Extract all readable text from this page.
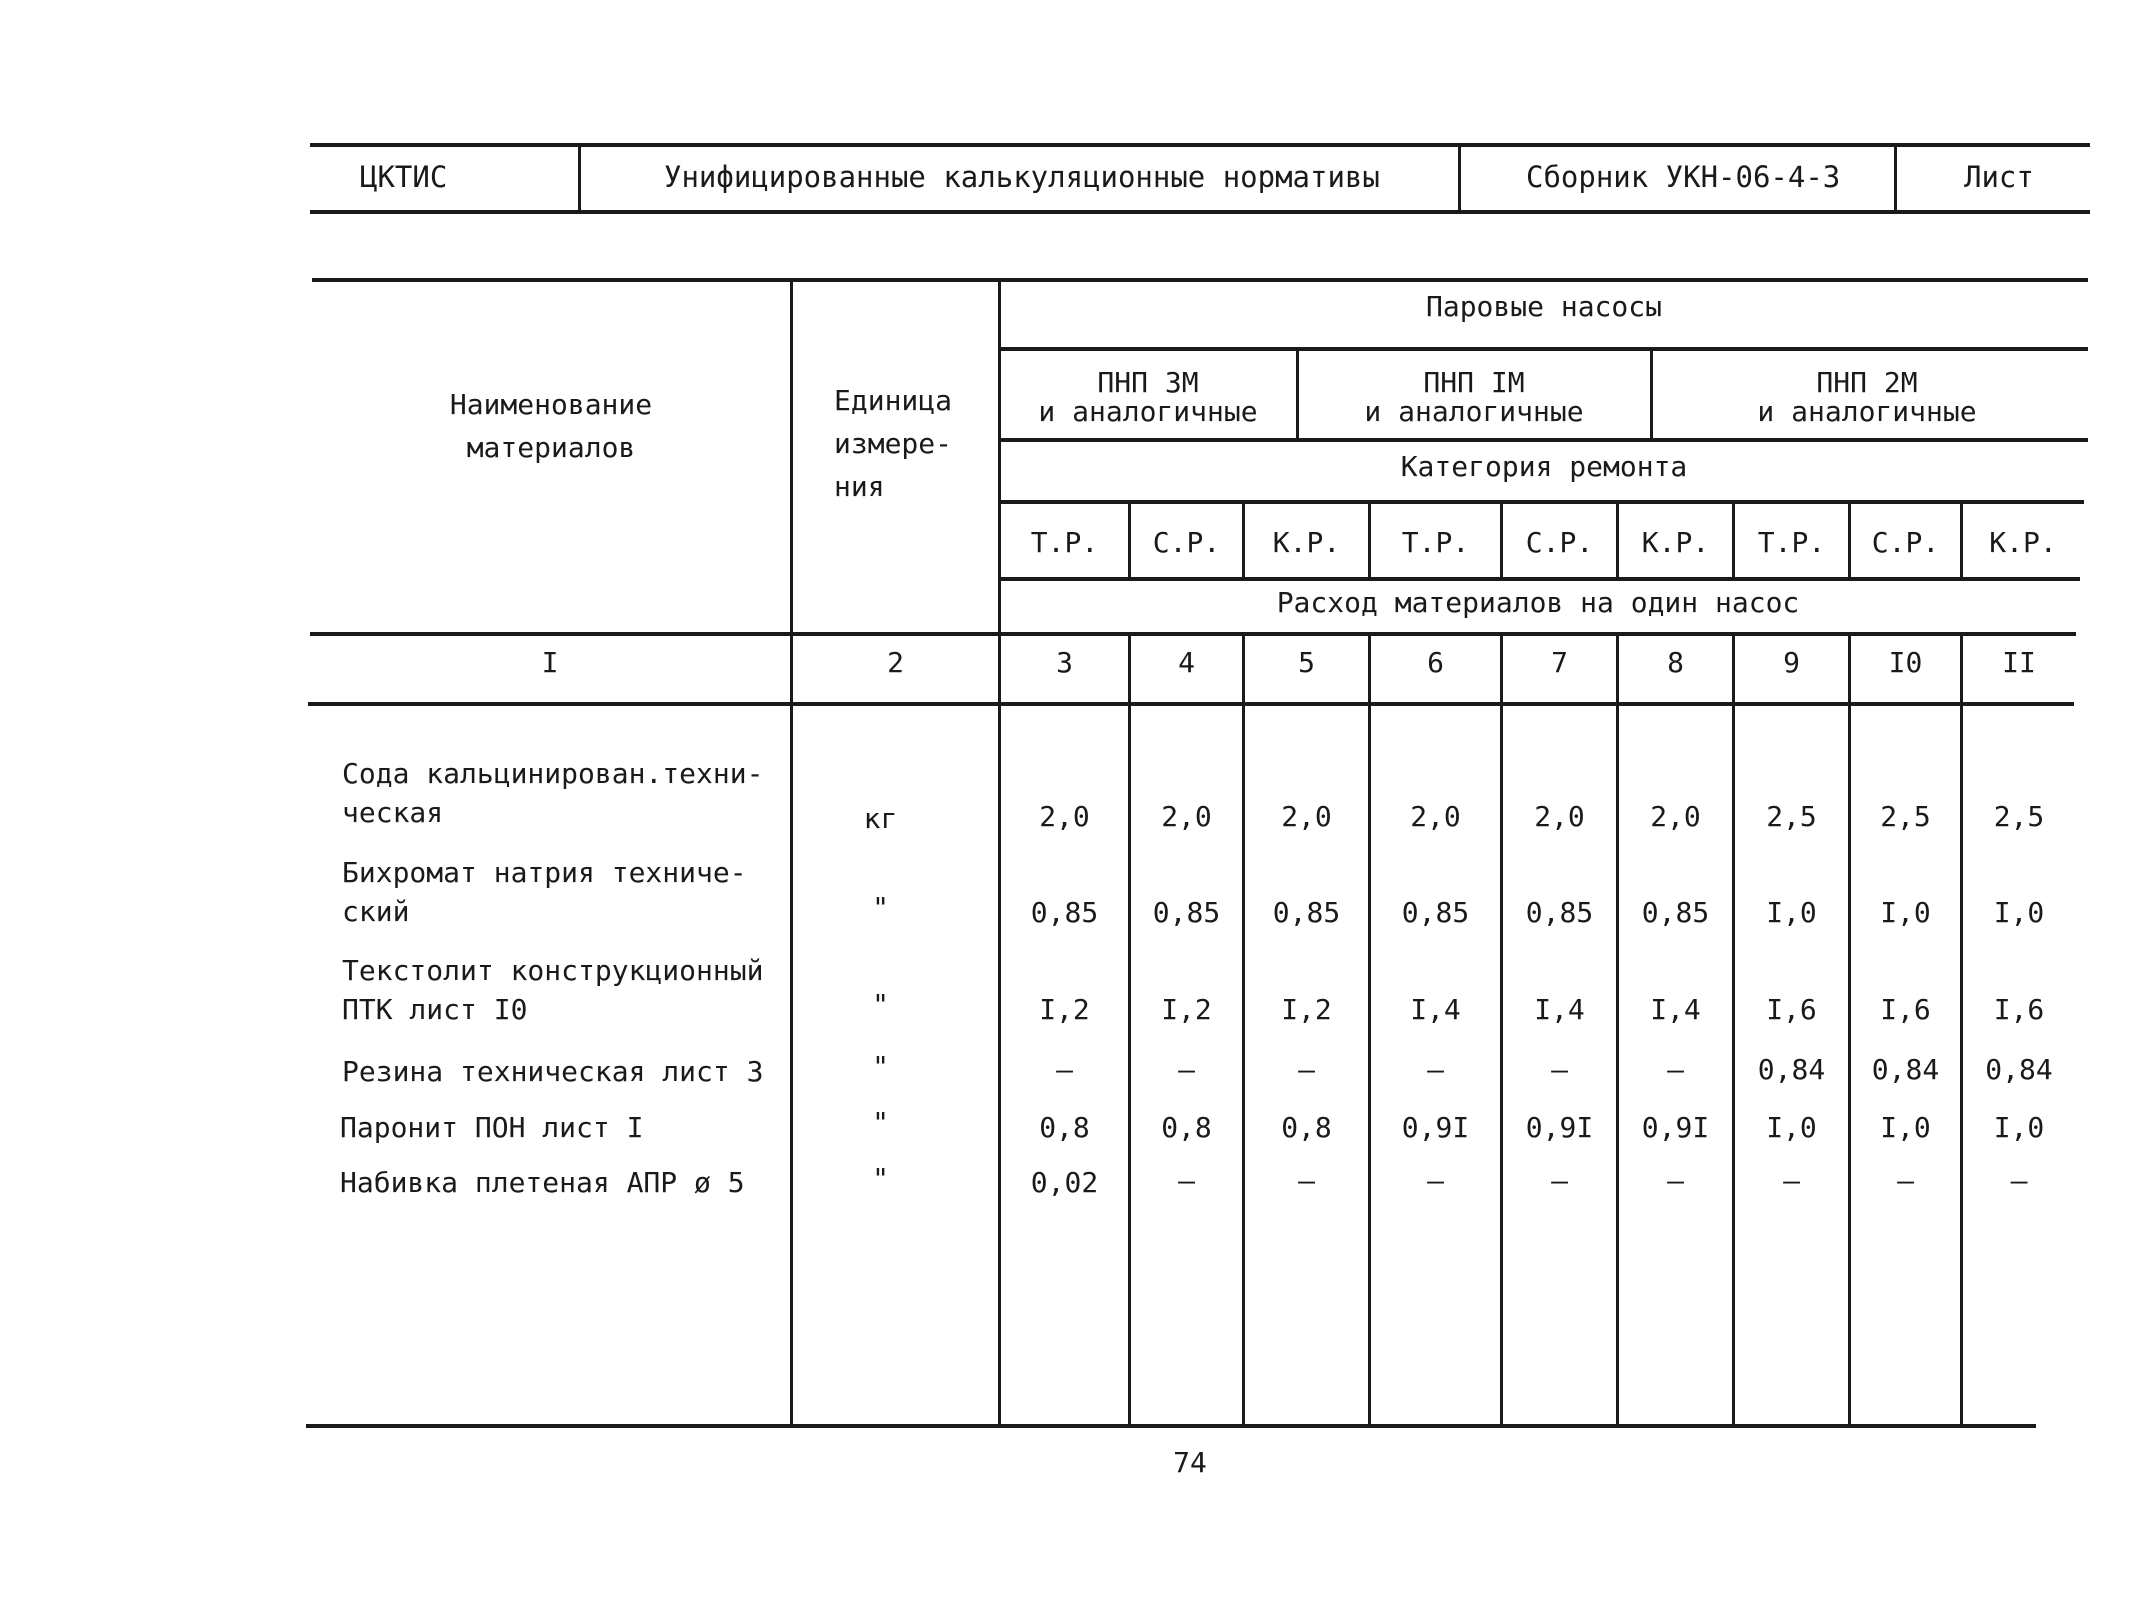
ЦКТИС	Унифицированные калькуляционные нормативы	Сборник УКН-06-4-3	Лист
Наименование
материалов
Единица
измере-
ния
Паровые насосы
ПНП 3М
и аналогичные
ПНП IM
и аналогичные
ПНП 2М
и аналогичные
Категория ремонта
Т.Р.	С.Р.	К.Р.	Т.Р.	С.Р.	К.Р.	Т.Р.	С.Р.	К.Р.
Расход материалов на один насос
I	2	3	4	5	6	7	8	9	I0	II
Сода кальцинирован.техни-
ческая	кг	2,0	2,0	2,0	2,0	2,0	2,0	2,5	2,5	2,5
Бихромат натрия техниче-
ский	"	0,85	0,85	0,85	0,85	0,85	0,85	I,0	I,0	I,0
Текстолит конструкционный
ПТК лист I0	"	I,2	I,2	I,2	I,4	I,4	I,4	I,6	I,6	I,6
Резина техническая лист 3	"	–	–	–	–	–	–	0,84	0,84	0,84
Паронит ПОН лист I	"	0,8	0,8	0,8	0,9I	0,9I	0,9I	I,0	I,0	I,0
Набивка плетеная АПР ø 5	"	0,02	–	–	–	–	–	–	–	–
74
